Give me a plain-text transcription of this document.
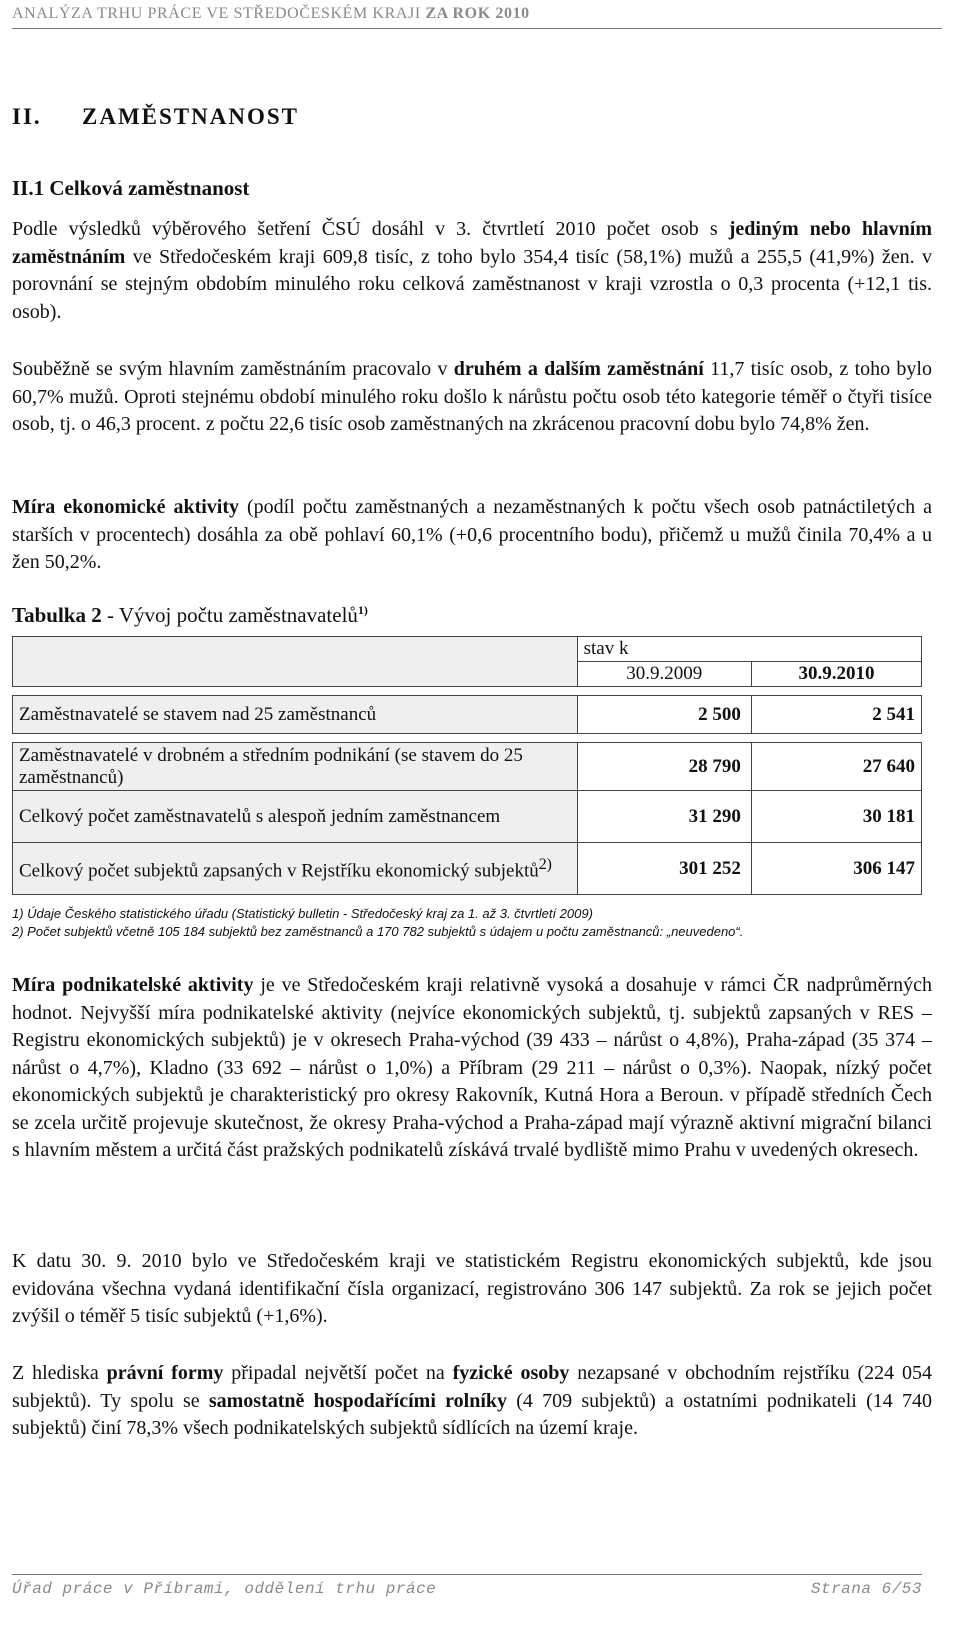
ANALÝZA TRHU PRÁCE VE STŘEDOČESKÉM KRAJI ZA ROK 2010
II. ZAMĚSTNANOST
II.1 Celková zaměstnanost
Podle výsledků výběrového šetření ČSÚ dosáhl v 3. čtvrtletí 2010 počet osob s jediným nebo hlavním zaměstnáním ve Středočeském kraji 609,8 tisíc, z toho bylo 354,4 tisíc (58,1%) mužů a 255,5 (41,9%) žen. v porovnání se stejným obdobím minulého roku celková zaměstnanost v kraji vzrostla o 0,3 procenta (+12,1 tis. osob).
Souběžně se svým hlavním zaměstnáním pracovalo v druhém a dalším zaměstnání 11,7 tisíc osob, z toho bylo 60,7% mužů. Oproti stejnému období minulého roku došlo k nárůstu počtu osob této kategorie téměř o čtyři tisíce osob, tj. o 46,3 procent. z počtu 22,6 tisíc osob zaměstnaných na zkrácenou pracovní dobu bylo 74,8% žen.
Míra ekonomické aktivity (podíl počtu zaměstnaných a nezaměstnaných k počtu všech osob patnáctiletých a starších v procentech) dosáhla za obě pohlaví 60,1% (+0,6 procentního bodu), přičemž u mužů činila 70,4% a u žen 50,2%.
Tabulka 2 - Vývoj počtu zaměstnavatelů$^{1)}$
	stav k	
	30.9.2009	30.9.2010

Zaměstnavatelé se stavem nad 25 zaměstnanců	2 500	2 541

Zaměstnavatelé v drobném a středním podnikání (se stavem do 25 zaměstnanců)	28 790	27 640
Celkový počet zaměstnavatelů s alespoň jedním zaměstnancem	31 290	30 181
Celkový počet subjektů zapsaných v Rejstříku ekonomický subjektů$^{2)}$	301 252	306 147
1) Údaje Českého statistického úřadu (Statistický bulletin - Středočeský kraj za 1. až 3. čtvrtletí 2009)
2) Počet subjektů včetně 105 184 subjektů bez zaměstnanců a 170 782 subjektů s údajem u počtu zaměstnanců: „neuvedeno“.
Míra podnikatelské aktivity je ve Středočeském kraji relativně vysoká a dosahuje v rámci ČR nadprůměrných hodnot. Nejvyšší míra podnikatelské aktivity (nejvíce ekonomických subjektů, tj. subjektů zapsaných v RES – Registru ekonomických subjektů) je v okresech Praha-východ (39 433 – nárůst o 4,8%), Praha-západ (35 374 – nárůst o 4,7%), Kladno (33 692 – nárůst o 1,0%) a Příbram (29 211 – nárůst o 0,3%). Naopak, nízký počet ekonomických subjektů je charakteristický pro okresy Rakovník, Kutná Hora a Beroun. v případě středních Čech se zcela určitě projevuje skutečnost, že okresy Praha-východ a Praha-západ mají výrazně aktivní migrační bilanci s hlavním městem a určitá část pražských podnikatelů získává trvalé bydliště mimo Prahu v uvedených okresech.
K datu 30. 9. 2010 bylo ve Středočeském kraji ve statistickém Registru ekonomických subjektů, kde jsou evidována všechna vydaná identifikační čísla organizací, registrováno 306 147 subjektů. Za rok se jejich počet zvýšil o téměř 5 tisíc subjektů (+1,6%).
Z hlediska právní formy připadal největší počet na fyzické osoby nezapsané v obchodním rejstříku (224 054 subjektů). Ty spolu se samostatně hospodařícími rolníky (4 709 subjektů) a ostatními podnikateli (14 740 subjektů) činí 78,3% všech podnikatelských subjektů sídlících na území kraje.
Úřad práce v Příbrami, oddělení trhu práce	Strana 6/53
